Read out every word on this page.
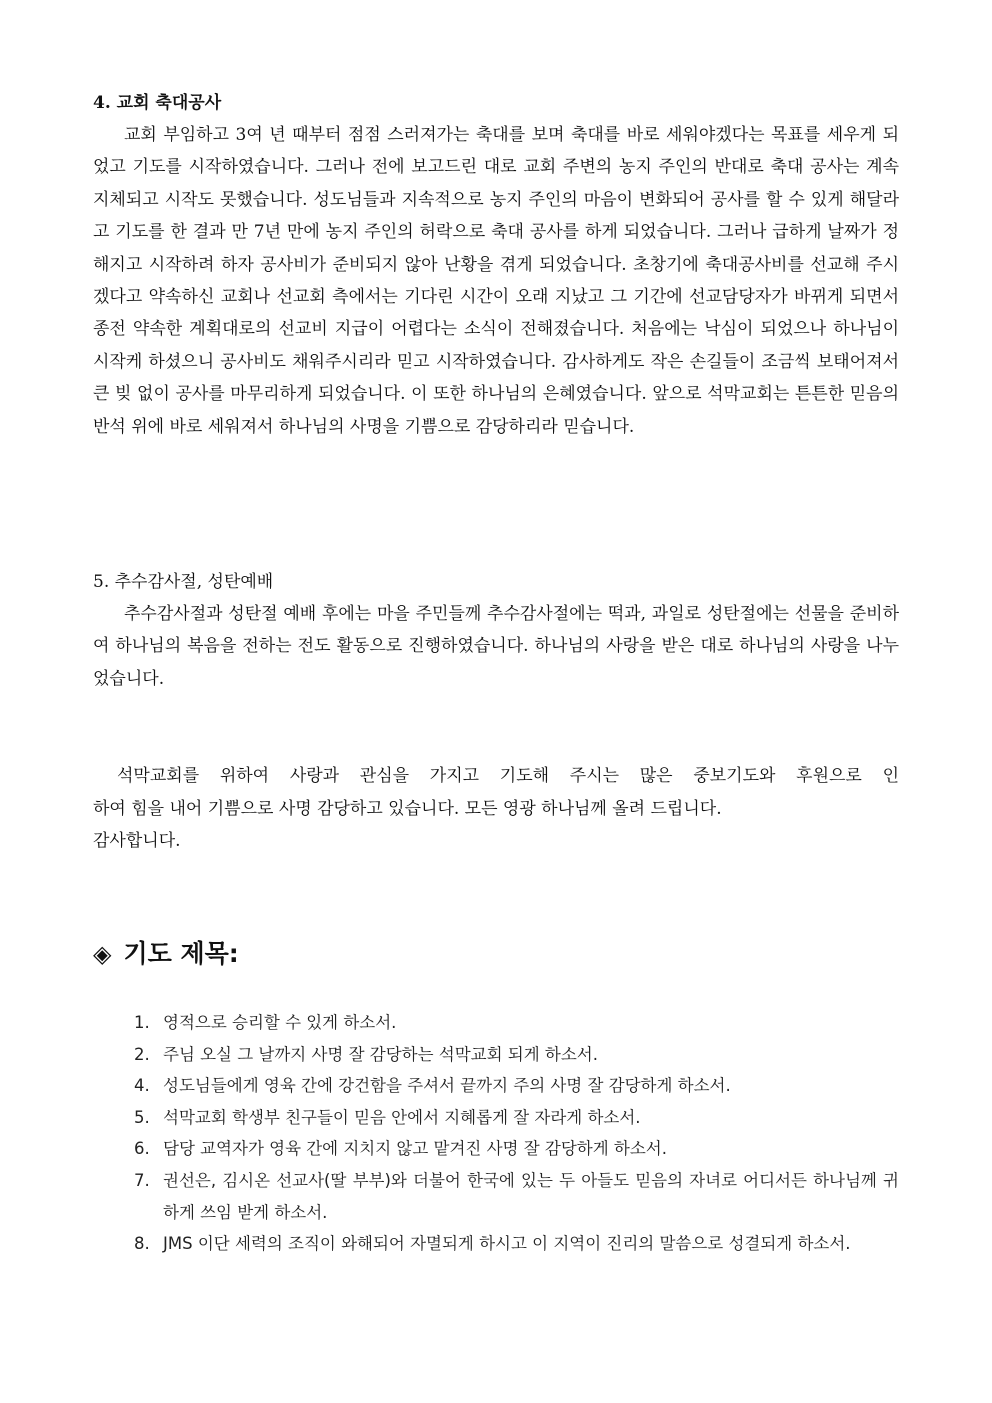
4. 교회 축대공사

교회 부임하고 3여 년 때부터 점점 스러져가는 축대를 보며 축대를 바로 세워야겠다는 목표를 세우게 되었고 기도를 시작하였습니다. 그러나 전에 보고드린 대로 교회 주변의 농지 주인의 반대로 축대 공사는 계속 지체되고 시작도 못했습니다. 성도님들과 지속적으로 농지 주인의 마음이 변화되어 공사를 할 수 있게 해달라고 기도를 한 결과 만 7년 만에 농지 주인의 허락으로 축대 공사를 하게 되었습니다. 그러나 급하게 날짜가 정해지고 시작하려 하자 공사비가 준비되지 않아 난황을 겪게 되었습니다. 초창기에 축대공사비를 선교해 주시겠다고 약속하신 교회나 선교회 측에서는 기다린 시간이 오래 지났고 그 기간에 선교담당자가 바뀌게 되면서 종전 약속한 계획대로의 선교비 지급이 어렵다는 소식이 전해졌습니다. 처음에는 낙심이 되었으나 하나님이 시작케 하셨으니 공사비도 채워주시리라 믿고 시작하였습니다. 감사하게도 작은 손길들이 조금씩 보태어져서 큰 빚 없이 공사를 마무리하게 되었습니다. 이 또한 하나님의 은혜였습니다. 앞으로 석막교회는 튼튼한 믿음의 반석 위에 바로 세워져서 하나님의 사명을 기쁨으로 감당하리라 믿습니다.

5. 추수감사절, 성탄예배

추수감사절과 성탄절 예배 후에는 마을 주민들께 추수감사절에는 떡과, 과일로 성탄절에는 선물을 준비하여 하나님의 복음을 전하는 전도 활동으로 진행하였습니다. 하나님의 사랑을 받은 대로 하나님의 사랑을 나누었습니다.

석막교회를 위하여 사랑과 관심을 가지고 기도해 주시는 많은 중보기도와 후원으로 인
하여 힘을 내어 기쁨으로 사명 감당하고 있습니다. 모든 영광 하나님께 올려 드립니다.
감사합니다.
◈ 기도 제목:
1. 영적으로 승리할 수 있게 하소서.
2. 주님 오실 그 날까지 사명 잘 감당하는 석막교회 되게 하소서.
4. 성도님들에게 영육 간에 강건함을 주셔서 끝까지 주의 사명 잘 감당하게 하소서.
5. 석막교회 학생부 친구들이 믿음 안에서 지혜롭게 잘 자라게 하소서.
6. 담당 교역자가 영육 간에 지치지 않고 맡겨진 사명 잘 감당하게 하소서.
7. 권선은, 김시온 선교사(딸 부부)와 더불어 한국에 있는 두 아들도 믿음의 자녀로 어디서든 하나님께 귀하게 쓰임 받게 하소서.
8. JMS 이단 세력의 조직이 와해되어 자멸되게 하시고 이 지역이 진리의 말씀으로 성결되게 하소서.
